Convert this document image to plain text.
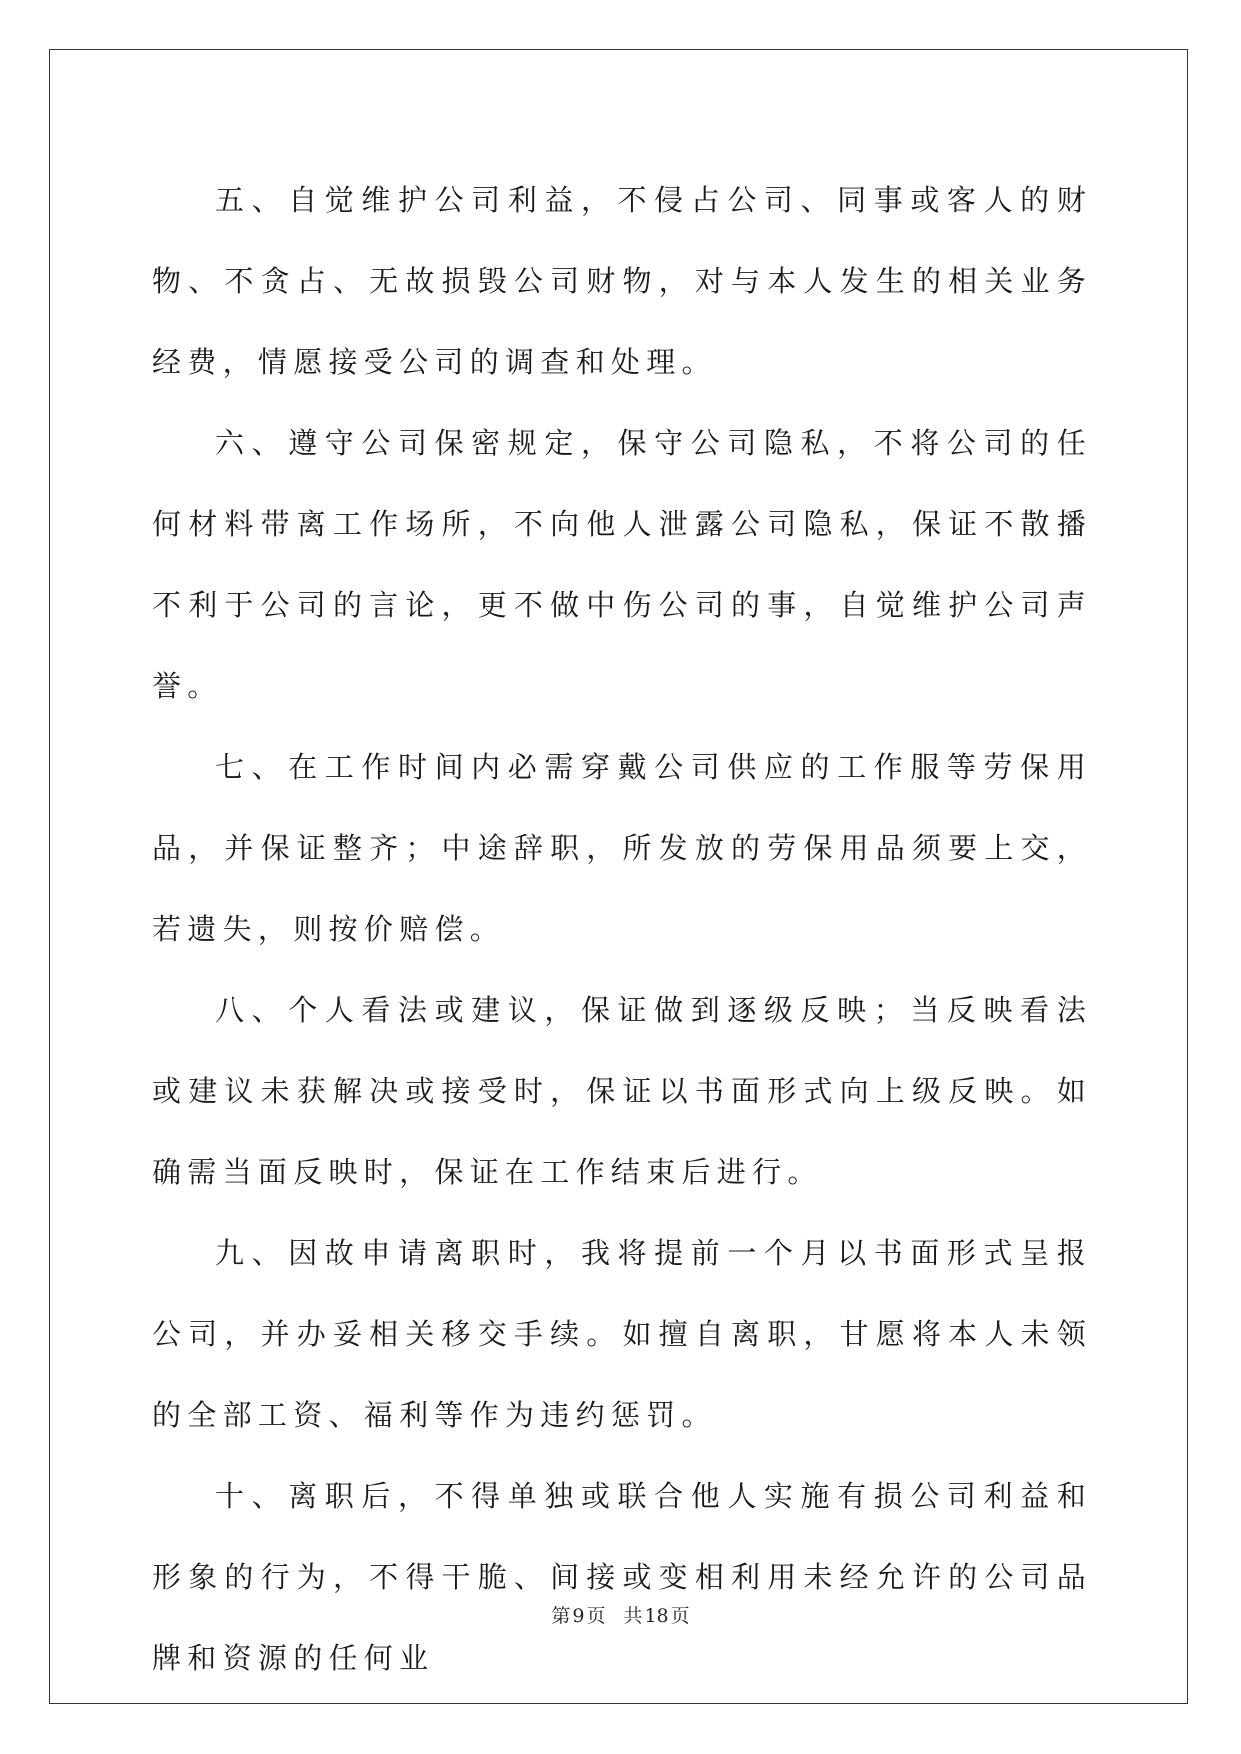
五、自觉维护公司利益，不侵占公司、同事或客人的财物、不贪占、无故损毁公司财物，对与本人发生的相关业务经费，情愿接受公司的调查和处理。

六、遵守公司保密规定，保守公司隐私，不将公司的任何材料带离工作场所，不向他人泄露公司隐私，保证不散播不利于公司的言论，更不做中伤公司的事，自觉维护公司声誉。

七、在工作时间内必需穿戴公司供应的工作服等劳保用品，并保证整齐；中途辞职，所发放的劳保用品须要上交，若遗失，则按价赔偿。

八、个人看法或建议，保证做到逐级反映；当反映看法或建议未获解决或接受时，保证以书面形式向上级反映。如确需当面反映时，保证在工作结束后进行。

九、因故申请离职时，我将提前一个月以书面形式呈报公司，并办妥相关移交手续。如擅自离职，甘愿将本人未领的全部工资、福利等作为违约惩罚。

十、离职后，不得单独或联合他人实施有损公司利益和形象的行为，不得干脆、间接或变相利用未经允许的公司品牌和资源的任何业

第 9 页 共 18 页
